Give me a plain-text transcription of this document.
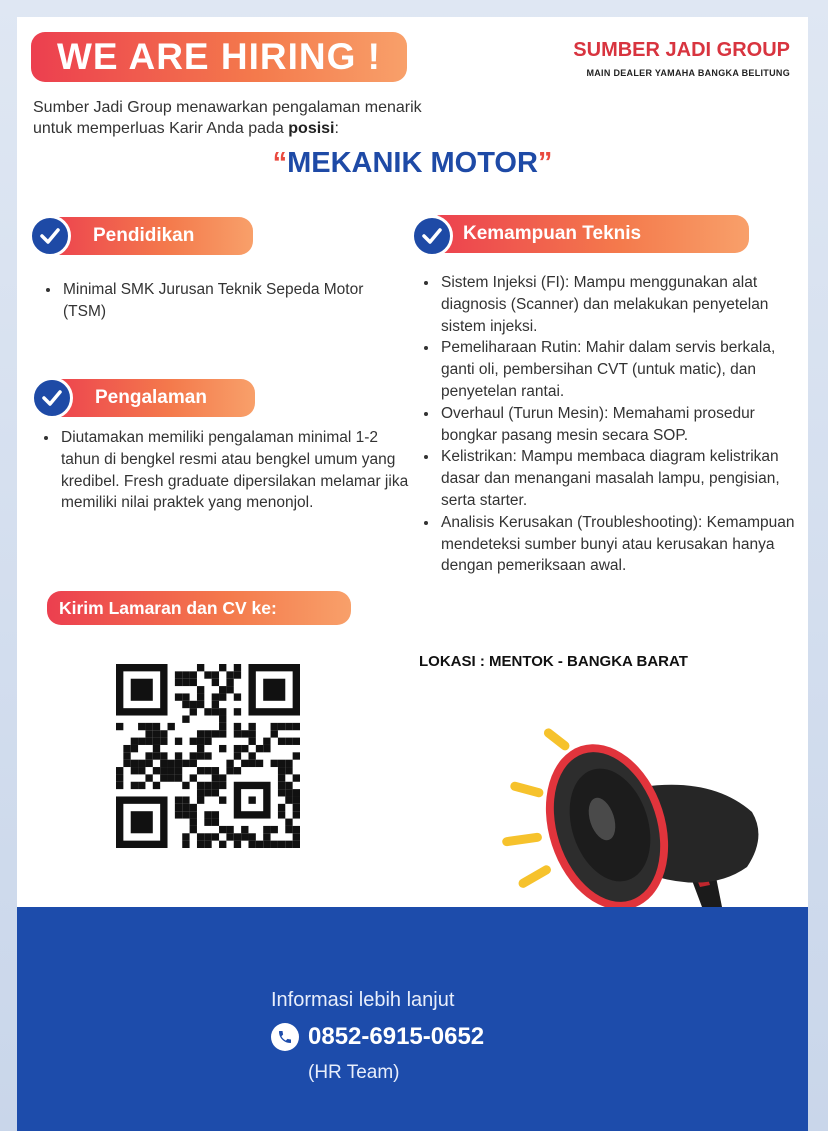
WE ARE HIRING !	SUMBER JADI GROUP
MAIN DEALER YAMAHA BANGKA BELITUNG
Sumber Jadi Group menawarkan pengalaman menarik
untuk memperluas Karir Anda pada posisi:
“MEKANIK MOTOR”
Pendidikan
• Minimal SMK Jurusan Teknik Sepeda Motor (TSM)
Pengalaman
• Diutamakan memiliki pengalaman minimal 1-2 tahun di bengkel resmi atau bengkel umum yang kredibel. Fresh graduate dipersilakan melamar jika memiliki nilai praktek yang menonjol.
Kemampuan Teknis
• Sistem Injeksi (FI): Mampu menggunakan alat diagnosis (Scanner) dan melakukan penyetelan sistem injeksi.
• Pemeliharaan Rutin: Mahir dalam servis berkala, ganti oli, pembersihan CVT (untuk matic), dan penyetelan rantai.
• Overhaul (Turun Mesin): Memahami prosedur bongkar pasang mesin secara SOP.
• Kelistrikan: Mampu membaca diagram kelistrikan dasar dan menangani masalah lampu, pengisian, serta starter.
• Analisis Kerusakan (Troubleshooting): Kemampuan mendeteksi sumber bunyi atau kerusakan hanya dengan pemeriksaan awal.
Kirim Lamaran dan CV ke:
LOKASI : MENTOK - BANGKA BARAT
Informasi lebih lanjut
0852-6915-0652
(HR Team)
